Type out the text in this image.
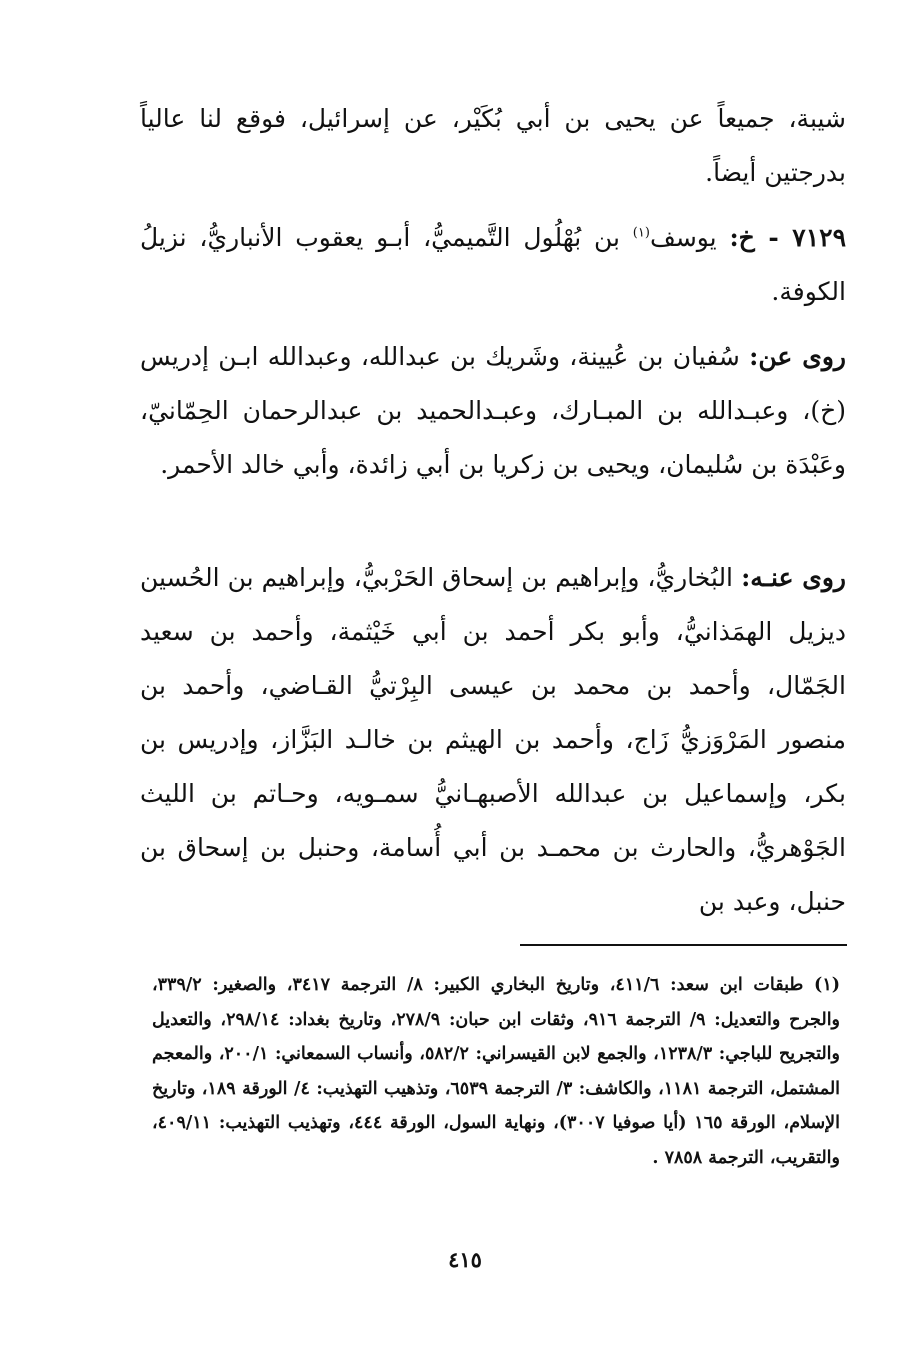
شيبة، جميعاً عن يحيى بن أبي بُكَيْر، عن إسرائيل، فوقع لنا عالياً بدرجتين أيضاً.

٧١٢٩ - خ: يوسف$^{(١)}$ بن بُهْلُول التَّميميُّ، أبـو يعقوب الأنباريُّ، نزيلُ الكوفة.

روى عن: سُفيان بن عُيينة، وشَريك بن عبدالله، وعبدالله ابـن إدريس (خ)، وعبـدالله بن المبـارك، وعبـدالحميد بن عبدالرحمان الحِمّانيّ، وعَبْدَة بن سُليمان، ويحيى بن زكريا بن أبي زائدة، وأبي خالد الأحمر.

روى عنـه: البُخاريُّ، وإبراهيم بن إسحاق الحَرْبيُّ، وإبراهيم بن الحُسين ديزيل الهمَذانيُّ، وأبو بكر أحمد بن أبي خَيْثمة، وأحمد بن سعيد الجَمّال، وأحمد بن محمد بن عيسى البِرْتيُّ القـاضي، وأحمد بن منصور المَرْوَزيُّ زَاج، وأحمد بن الهيثم بن خالـد البَزَّاز، وإدريس بن بكر، وإسماعيل بن عبدالله الأصبهـانيُّ سمـويه، وحـاتم بن الليث الجَوْهريُّ، والحارث بن محمـد بن أبي أُسامة، وحنبل بن إسحاق بن حنبل، وعبد بن

(١) طبقات ابن سعد: ٤١١/٦، وتاريخ البخاري الكبير: ٨/ الترجمة ٣٤١٧، والصغير: ٣٣٩/٢، والجرح والتعديل: ٩/ الترجمة ٩١٦، وثقات ابن حبان: ٢٧٨/٩، وتاريخ بغداد: ٢٩٨/١٤، والتعديل والتجريح للباجي: ١٢٣٨/٣، والجمع لابن القيسراني: ٥٨٢/٢، وأنساب السمعاني: ٢٠٠/١، والمعجم المشتمل، الترجمة ١١٨١، والكاشف: ٣/ الترجمة ٦٥٣٩، وتذهيب التهذيب: ٤/ الورقة ١٨٩، وتاريخ الإسلام، الورقة ١٦٥ (أيا صوفيا ٣٠٠٧)، ونهاية السول، الورقة ٤٤٤، وتهذيب التهذيب: ٤٠٩/١١، والتقريب، الترجمة ٧٨٥٨ .

٤١٥
